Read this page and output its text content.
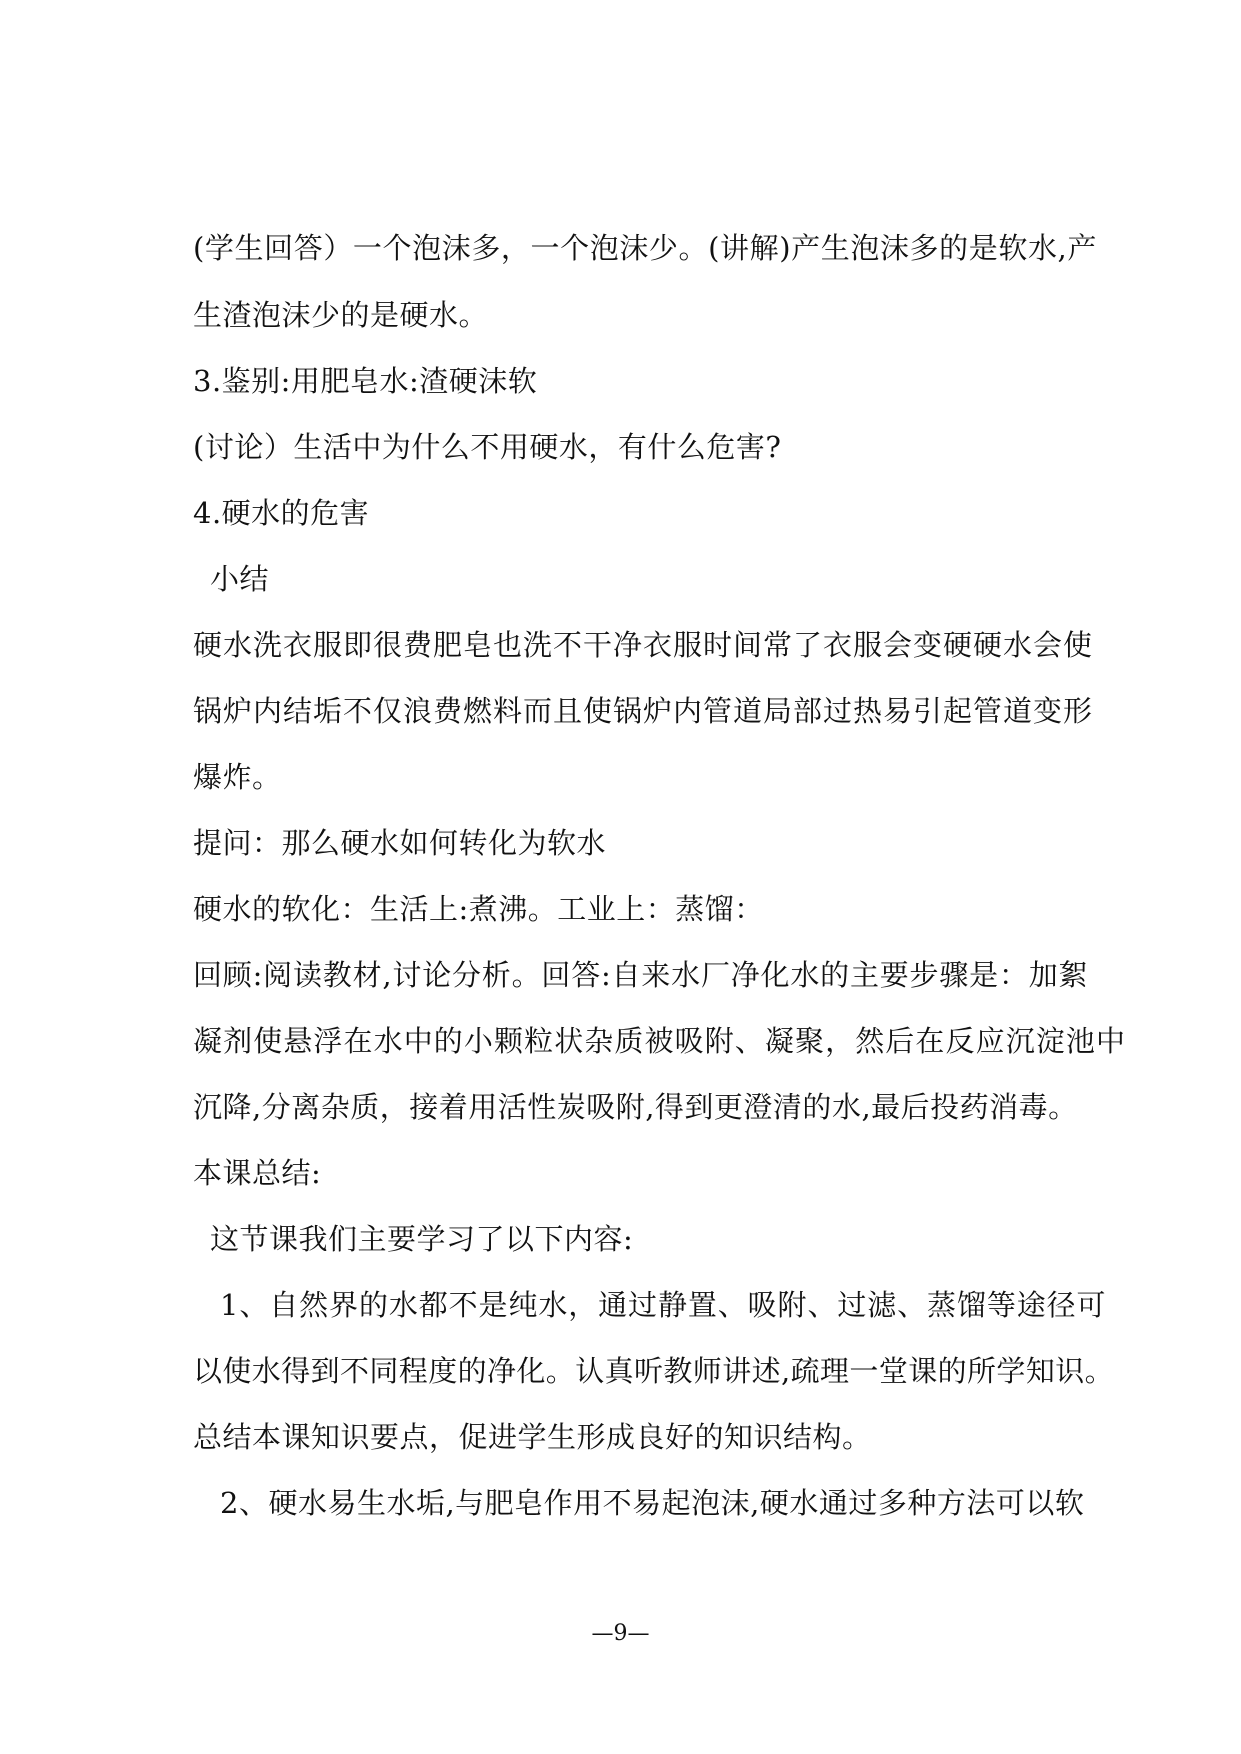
(学生回答）一个泡沫多，一个泡沫少。(讲解)产生泡沫多的是软水,产
生渣泡沫少的是硬水。
3.鉴别:用肥皂水:渣硬沫软
(讨论）生活中为什么不用硬水，有什么危害?
4.硬水的危害
小结
硬水洗衣服即很费肥皂也洗不干净衣服时间常了衣服会变硬硬水会使
锅炉内结垢不仅浪费燃料而且使锅炉内管道局部过热易引起管道变形
爆炸。
提问：那么硬水如何转化为软水
硬水的软化：生活上:煮沸。工业上：蒸馏：
回顾:阅读教材,讨论分析。回答:自来水厂净化水的主要步骤是：加絮
凝剂使悬浮在水中的小颗粒状杂质被吸附、凝聚，然后在反应沉淀池中
沉降,分离杂质，接着用活性炭吸附,得到更澄清的水,最后投药消毒。
本课总结:
这节课我们主要学习了以下内容:
1、自然界的水都不是纯水，通过静置、吸附、过滤、蒸馏等途径可
以使水得到不同程度的净化。认真听教师讲述,疏理一堂课的所学知识。
总结本课知识要点，促进学生形成良好的知识结构。
2、硬水易生水垢,与肥皂作用不易起泡沫,硬水通过多种方法可以软
—9—
